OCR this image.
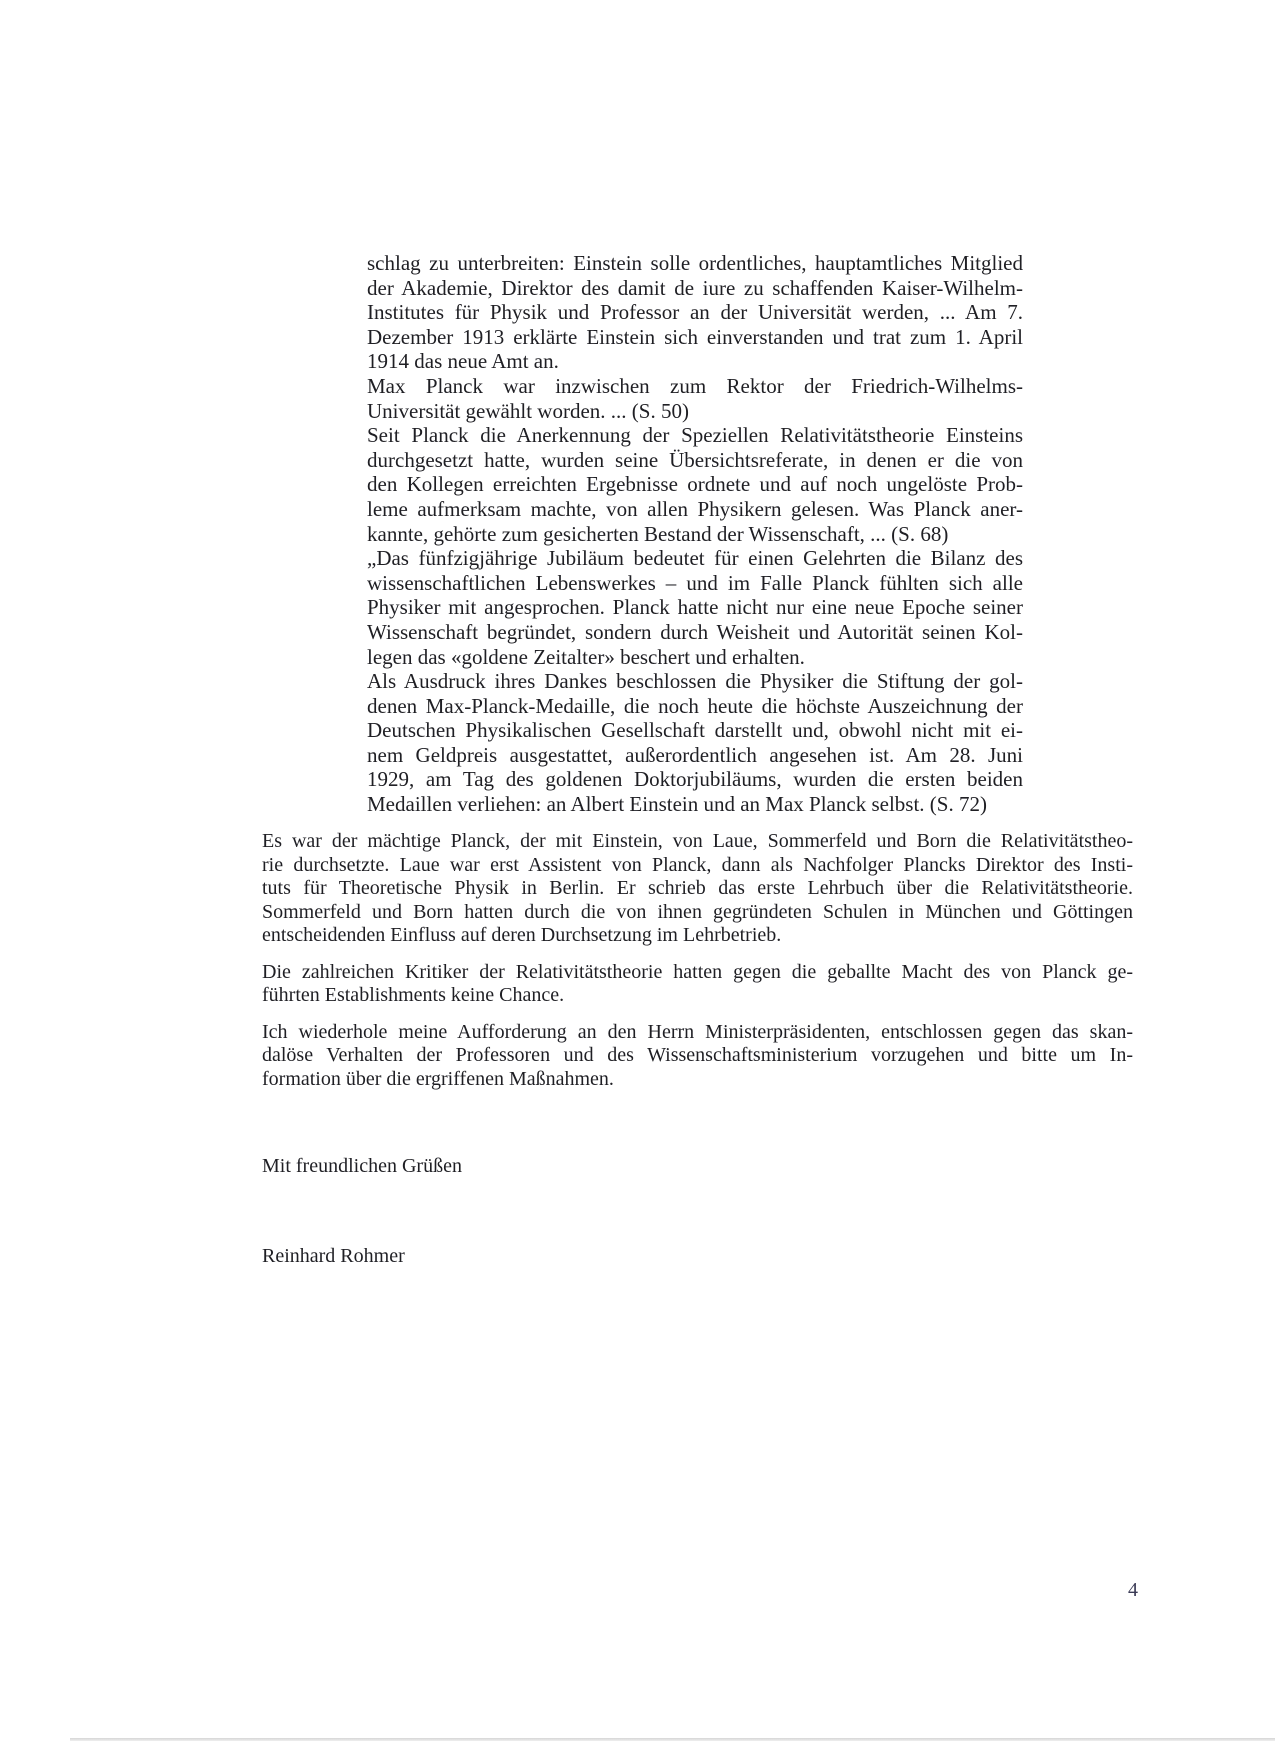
schlag zu unterbreiten: Einstein solle ordentliches, hauptamtliches Mitglied

der Akademie, Direktor des damit de iure zu schaffenden Kaiser-Wilhelm-

Institutes für Physik und Professor an der Universität werden, ... Am 7.

Dezember 1913 erklärte Einstein sich einverstanden und trat zum 1. April

1914 das neue Amt an.

Max Planck war inzwischen zum Rektor der Friedrich-Wilhelms-

Universität gewählt worden. ... (S. 50)

Seit Planck die Anerkennung der Speziellen Relativitätstheorie Einsteins

durchgesetzt hatte, wurden seine Übersichtsreferate, in denen er die von

den Kollegen erreichten Ergebnisse ordnete und auf noch ungelöste Prob-

leme aufmerksam machte, von allen Physikern gelesen. Was Planck aner-

kannte, gehörte zum gesicherten Bestand der Wissenschaft, ... (S. 68)

„Das fünfzigjährige Jubiläum bedeutet für einen Gelehrten die Bilanz des

wissenschaftlichen Lebenswerkes – und im Falle Planck fühlten sich alle

Physiker mit angesprochen. Planck hatte nicht nur eine neue Epoche seiner

Wissenschaft begründet, sondern durch Weisheit und Autorität seinen Kol-

legen das «goldene Zeitalter» beschert und erhalten.

Als Ausdruck ihres Dankes beschlossen die Physiker die Stiftung der gol-

denen Max-Planck-Medaille, die noch heute die höchste Auszeichnung der

Deutschen Physikalischen Gesellschaft darstellt und, obwohl nicht mit ei-

nem Geldpreis ausgestattet, außerordentlich angesehen ist. Am 28. Juni

1929, am Tag des goldenen Doktorjubiläums, wurden die ersten beiden

Medaillen verliehen: an Albert Einstein und an Max Planck selbst. (S. 72)

Es war der mächtige Planck, der mit Einstein, von Laue, Sommerfeld und Born die Relativitätstheo-
rie durchsetzte. Laue war erst Assistent von Planck, dann als Nachfolger Plancks Direktor des Insti-
tuts für Theoretische Physik in Berlin. Er schrieb das erste Lehrbuch über die Relativitätstheorie.
Sommerfeld und Born hatten durch die von ihnen gegründeten Schulen in München und Göttingen
entscheidenden Einfluss auf deren Durchsetzung im Lehrbetrieb.

Die zahlreichen Kritiker der Relativitätstheorie hatten gegen die geballte Macht des von Planck ge-
führten Establishments keine Chance.

Ich wiederhole meine Aufforderung an den Herrn Ministerpräsidenten, entschlossen gegen das skan-
dalöse Verhalten der Professoren und des Wissenschaftsministerium vorzugehen und bitte um In-
formation über die ergriffenen Maßnahmen.

Mit freundlichen Grüßen
Reinhard Rohmer
4
